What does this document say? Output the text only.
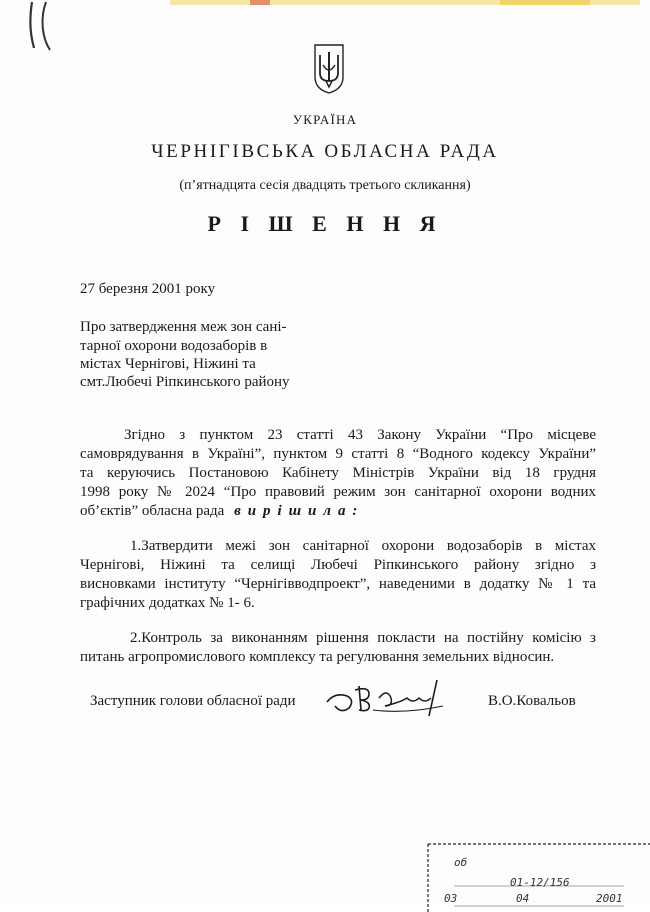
УКРАЇНА
ЧЕРНІГІВСЬКА ОБЛАСНА РАДА
(п’ятнадцята сесія двадцять третього скликання)
Р І Ш Е Н Н Я
27 березня 2001 року
Про затвердження меж зон сані-
тарної охорони водозаборів в
містах Чернігові, Ніжині та
смт.Любечі Ріпкинського району
Згідно з пунктом 23 статті 43 Закону України “Про місцеве
самоврядування в Україні”, пунктом 9 статті 8 “Водного кодексу України”
та керуючись Постановою Кабінету Міністрів України від 18 грудня
1998 року № 2024 “Про правовий режим зон санітарної охорони водних
об’єктів” обласна рада в и р і ш и л а :
1.Затвердити межі зон санітарної охорони водозаборів в містах
Чернігові, Ніжині та селищі Любечі Ріпкинського району згідно з
висновками інституту “Чернігівводпроект”, наведеними в додатку № 1 та
графічних додатках № 1- 6.
2.Контроль за виконанням рішення покласти на постійну комісію з
питань агропромислового комплексу та регулювання земельних відносин.
Заступник голови обласної ради	В.О.Ковальов
об
01-12/156
03	04	2001
